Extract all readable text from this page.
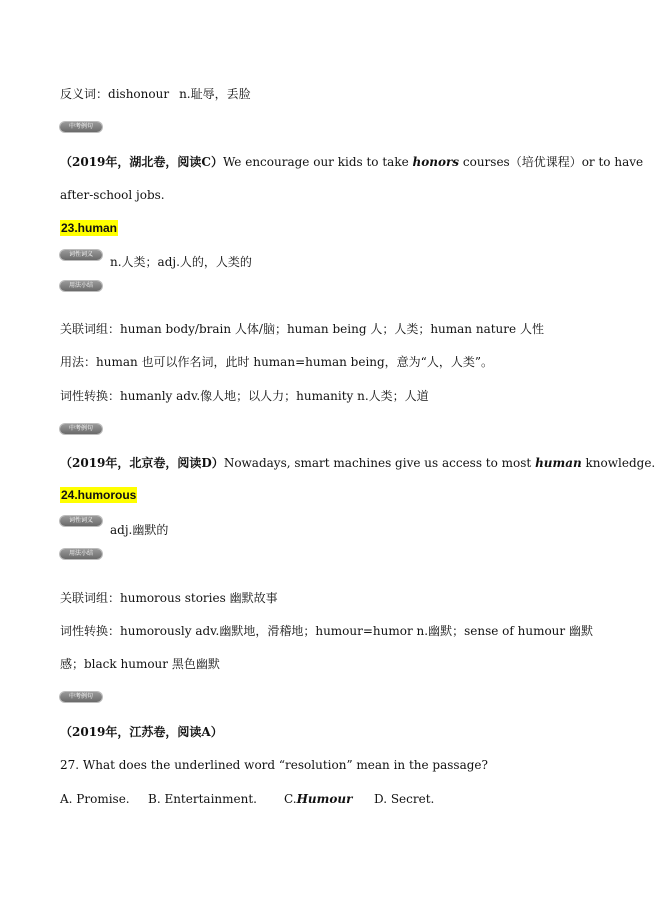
反义词：dishonour n.耻辱，丢脸
中考例句
（2019年，湖北卷，阅读C）We encourage our kids to take honors courses（培优课程）or to have
after-school jobs.
23.human
词性词义
n.人类；adj.人的，人类的
用法小结
关联词组：human body/brain 人体/脑；human being 人；人类；human nature 人性
用法：human 也可以作名词，此时 human=human being，意为“人，人类”。
词性转换：humanly adv.像人地；以人力；humanity n.人类；人道
中考例句
（2019年，北京卷，阅读D）Nowadays, smart machines give us access to most human knowledge.
24.humorous
词性词义
adj.幽默的
用法小结
关联词组：humorous stories 幽默故事
词性转换：humorously adv.幽默地，滑稽地；humour=humor n.幽默；sense of humour 幽默
感；black humour 黑色幽默
中考例句
（2019年，江苏卷，阅读A）
27. What does the underlined word “resolution” mean in the passage?
A. Promise. B. Entertainment. C.Humour D. Secret.
